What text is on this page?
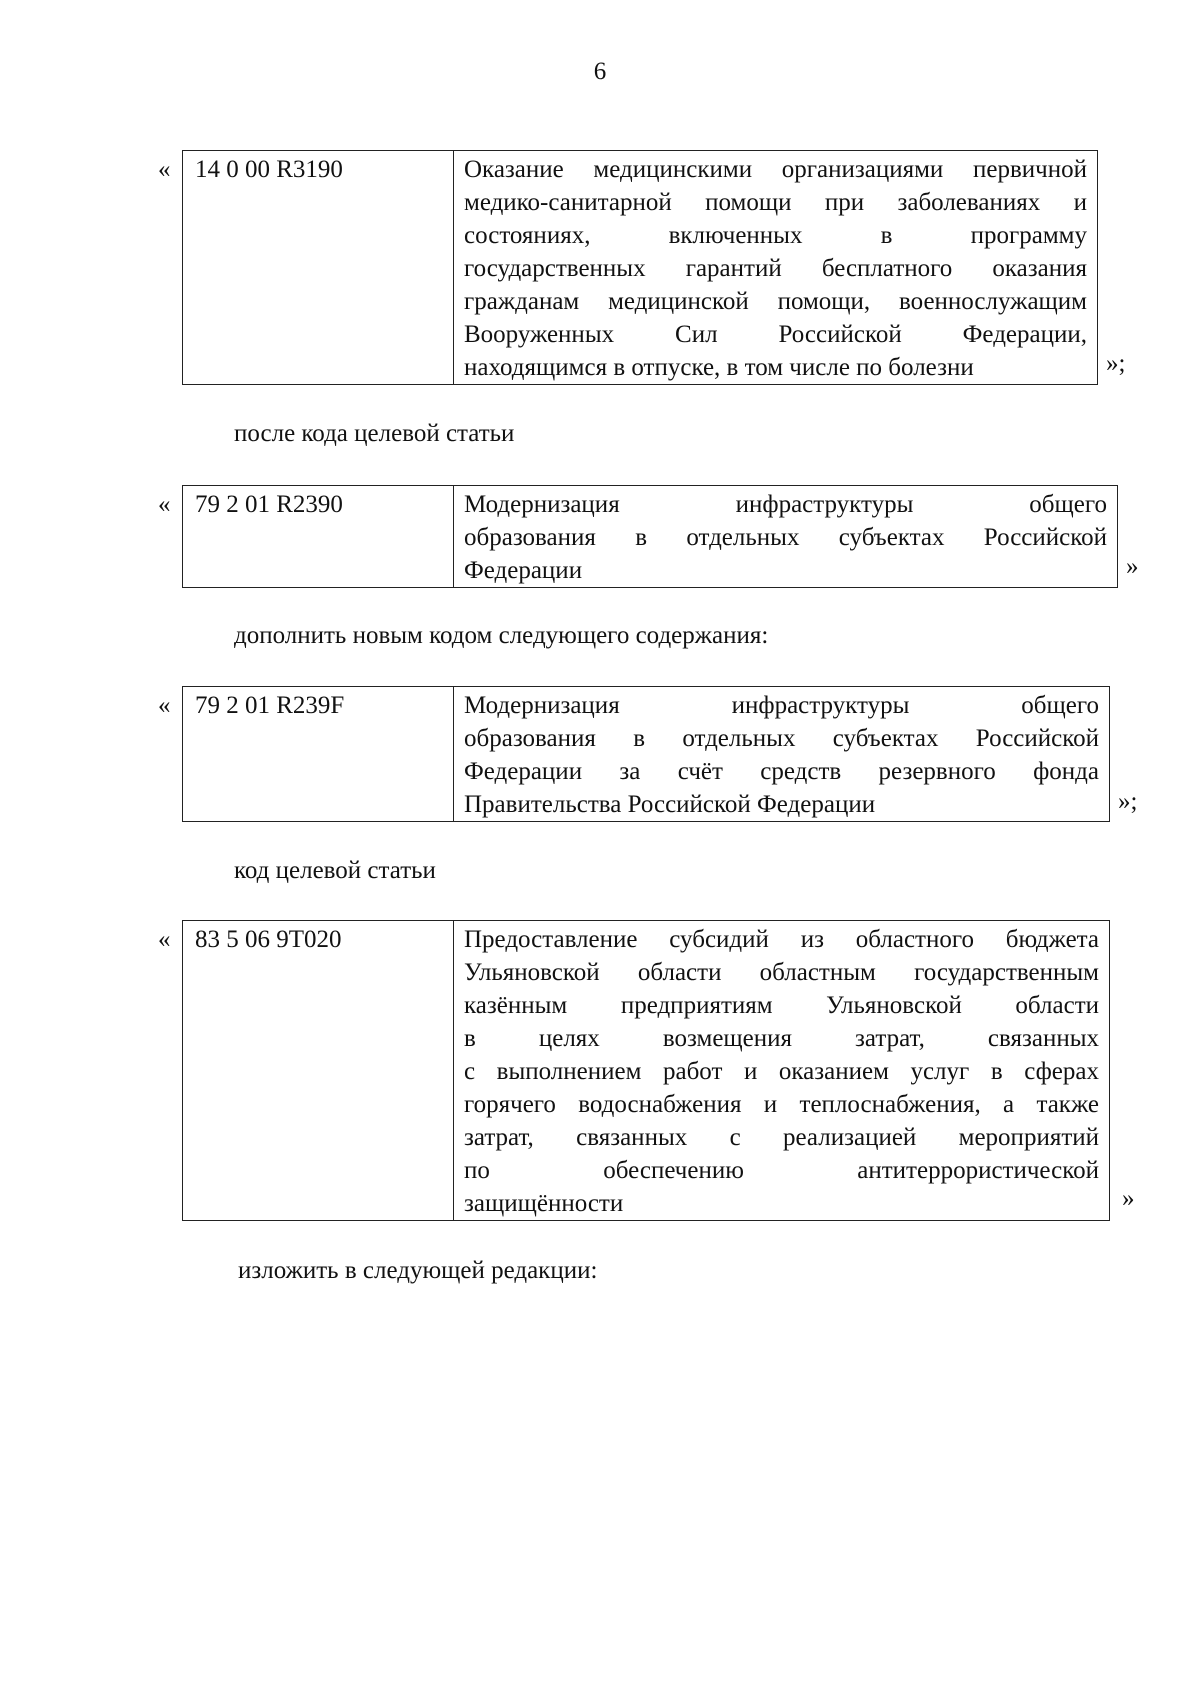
6
« 14 0 00 R3190	Оказание медицинскими организациями первичной
медико-санитарной помощи при заболеваниях и
состояниях, включенных в программу
государственных гарантий бесплатного оказания
гражданам медицинской помощи, военнослужащим
Вооруженных Сил Российской Федерации,
находящимся в отпуске, в том числе по болезни	»;
после кода целевой статьи
« 79 2 01 R2390	Модернизация инфраструктуры общего
образования в отдельных субъектах Российской
Федерации	»
дополнить новым кодом следующего содержания:
« 79 2 01 R239F	Модернизация инфраструктуры общего
образования в отдельных субъектах Российской
Федерации за счёт средств резервного фонда
Правительства Российской Федерации	»;
код целевой статьи
« 83 5 06 9Т020	Предоставление субсидий из областного бюджета
Ульяновской области областным государственным
казённым предприятиям Ульяновской области
в целях возмещения затрат, связанных
с выполнением работ и оказанием услуг в сферах
горячего водоснабжения и теплоснабжения, а также
затрат, связанных с реализацией мероприятий
по обеспечению антитеррористической
защищённости	»
изложить в следующей редакции:
